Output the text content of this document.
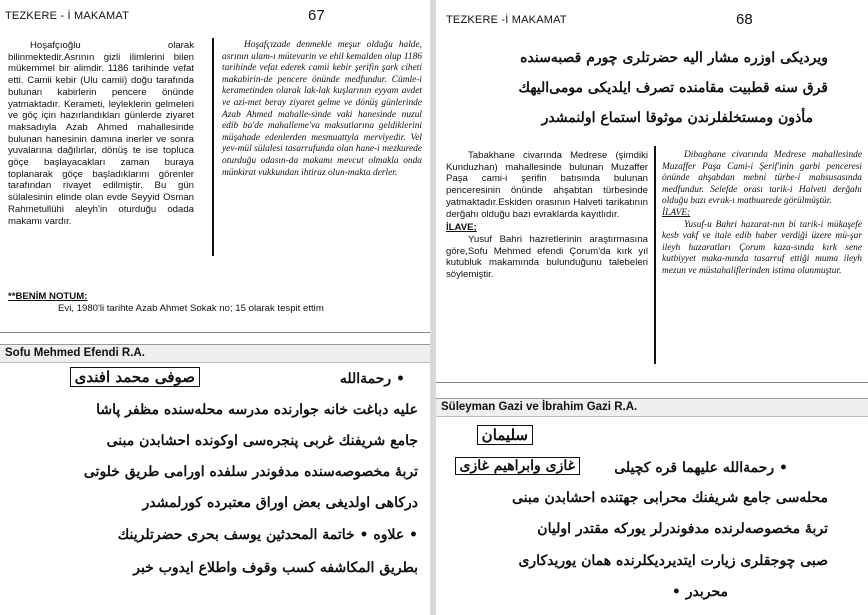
TEZKERE - İ MAKAMAT	67

Hoşafçıoğlu olarak bilinmektedir.Asrının gizli ilimlerini bilen mükemmel bir alimdir. 1186 tarihinde vefat etti. Camii kebir (Ulu camii) doğu tarafında bulunan kabirlerin pencere önünde yatmaktadır. Kerameti, leyleklerin gelmeleri ve göç için hazırlandıkları günlerde ziyaret maksadıyla Azab Ahmed mahallesinde bulunan hanesinin damına inerler ve sonra yuvalarına dağılırlar, dönüş te ise topluca göçe başlayacakları zaman buraya toplanarak göçe başladıklarını görenler tarafından rivayet edilmiştir. Bu gün sülalesinin elinde olan evde Seyyid Osman Rahmetullühi aleyh'in oturduğu odada makamı vardır.

Hoşafçızade denmekle meşur olduğu halde, asrının ulam-ı mütevarin ve ehil kemalden olup 1186 tarihinde vefat ederek camii kebir şerifin şark ciheti makabirin-de pencere önünde medfundur. Cümle-i kerametinden olarak lak-lak kuşlarının eyyam avdet ve azi-met beray ziyaret gelme ve dönüş günlerinde Azab Ahmed mahalle-sinde vaki hanesinde nuzul edib ba'de mahalleme'va maksutlarına geldiklerini müşahade edenlerden mesmuattyla merviyedir. Vel yev-mül sülalesi tasarrufunda olan hane-i mezkurede oturduğu odasın-da makamı mevcut olmakla onda münkirat vukkundan ihtiraz olun-makta derler.

**BENİM NOTUM:

Evi, 1980'li tarihte Azab Ahmet Sokak no; 15 olarak tespit ettim

Sofu Mehmed Efendi R.A.
صوفی محمد افندی	• رحمةالله
علیه دباغت خانه جوارنده مدرسه محله‌سنده مظفر پاشا
جامع شریفنك غربی پنجره‌سی اوكونده احشابدن مبنی
تربهٔ مخصوصه‌سنده مدفوندر سلفده اورامی طریق خلوتی
دركاهی اولدیغی بعض اوراق معتبرده كورلمشدر
• علاوه • خاتمة المحدثین یوسف بحری حضرتلرینك
بطریق المكاشفه كسب وقوف واطلاع ایدوب خبر
TEZKERE -İ MAKAMAT	68
ویردیكی اوزره مشار الیه حضرتلری چورم قصبه‌سنده
قرق سنه قطبیت مقامنده تصرف ایلدیكی مومی‌الیهك
مأذون ومستخلفلرندن موثوقا استماع اولنمشدر

Tabakhane civarında Medrese (şimdiki Kunduzhan) mahallesinde bulunan Muzaffer Paşa cami-i şerifin batısında bulunan penceresinin önünde ahşabtan türbesinde yatmaktadır.Eskiden orasının Halveti tarikatının derğahı olduğu bazı evraklarda kayıtlıdır.

İLAVE;

Yusuf Bahri hazretlerinin araştırmasına göre,Sofu Mehmed efendi Çorum'da kırk yıl kutubluk makamında bulunduğunu talebeleri söylemiştir.

Dibaghane civarında Medrese mahallesinde Muzaffer Paşa Cami-i Şerif'inin garbi penceresi önünde ahşabdan mebni türbe-i mahsusasında medfundur. Selefde orası tarik-i Halveti derğahı olduğu bazı evrak-ı matbuarede görülmüştür.

İLAVE;

Yusuf-u Bahri hazarat-nın bi tarik-i mükaşefe kesb vakf ve itale edib haber verdiği üzere mü-şar ileyh hazaratları Çorum kaza-sında kırk sene kutbiyyet maka-mında tasarruf ettiği muma ileyh mezun ve müstahaliflerinden istima olunmuştur.

Süleyman Gazi ve İbrahim Gazi R.A.
سلیمان
غازی وابراهیم غازی	• رحمةالله علیهما قره كچیلی
محله‌سی جامع شریفنك محرابی جهتنده احشابدن مبنی
تربهٔ مخصوصه‌لرنده مدفوندرلر یوركه مقتدر اولیان
صبی چوجقلری زیارت ایتدیردیكلرنده همان یوریدكاری
محربدر •
